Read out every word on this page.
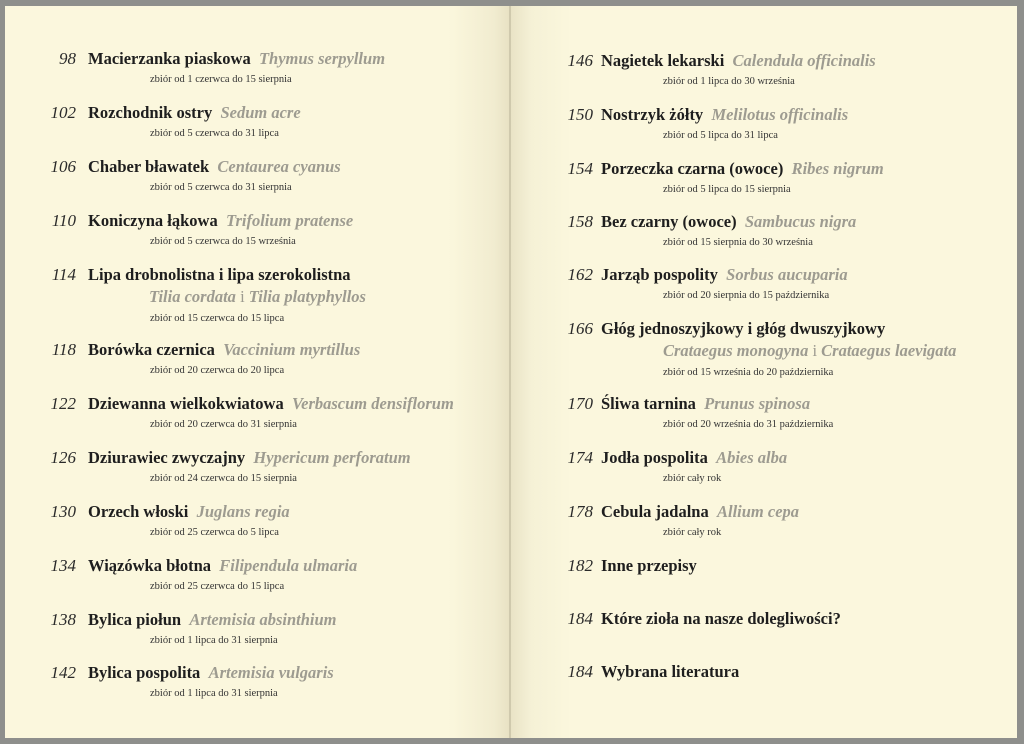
98 Macierzanka piaskowa Thymus serpyllum
zbiór od 1 czerwca do 15 sierpnia
102 Rozchodnik ostry Sedum acre
zbiór od 5 czerwca do 31 lipca
106 Chaber bławatek Centaurea cyanus
zbiór od 5 czerwca do 31 sierpnia
110 Koniczyna łąkowa Trifolium pratense
zbiór od 5 czerwca do 15 września
114 Lipa drobnolistna i lipa szerokolistna
Tilia cordata i Tilia platyphyllos
zbiór od 15 czerwca do 15 lipca
118 Borówka czernica Vaccinium myrtillus
zbiór od 20 czerwca do 20 lipca
122 Dziewanna wielkokwiatowa Verbascum densiflorum
zbiór od 20 czerwca do 31 sierpnia
126 Dziurawiec zwyczajny Hypericum perforatum
zbiór od 24 czerwca do 15 sierpnia
130 Orzech włoski Juglans regia
zbiór od 25 czerwca do 5 lipca
134 Wiązówka błotna Filipendula ulmaria
zbiór od 25 czerwca do 15 lipca
138 Bylica piołun Artemisia absinthium
zbiór od 1 lipca do 31 sierpnia
142 Bylica pospolita Artemisia vulgaris
zbiór od 1 lipca do 31 sierpnia
146 Nagietek lekarski Calendula officinalis
zbiór od 1 lipca do 30 września
150 Nostrzyk żółty Melilotus officinalis
zbiór od 5 lipca do 31 lipca
154 Porzeczka czarna (owoce) Ribes nigrum
zbiór od 5 lipca do 15 sierpnia
158 Bez czarny (owoce) Sambucus nigra
zbiór od 15 sierpnia do 30 września
162 Jarząb pospolity Sorbus aucuparia
zbiór od 20 sierpnia do 15 października
166 Głóg jednoszyjkowy i głóg dwuszyjkowy
Crataegus monogyna i Crataegus laevigata
zbiór od 15 września do 20 października
170 Śliwa tarnina Prunus spinosa
zbiór od 20 września do 31 października
174 Jodła pospolita Abies alba
zbiór cały rok
178 Cebula jadalna Allium cepa
zbiór cały rok
182 Inne przepisy
184 Które zioła na nasze dolegliwości?
184 Wybrana literatura
